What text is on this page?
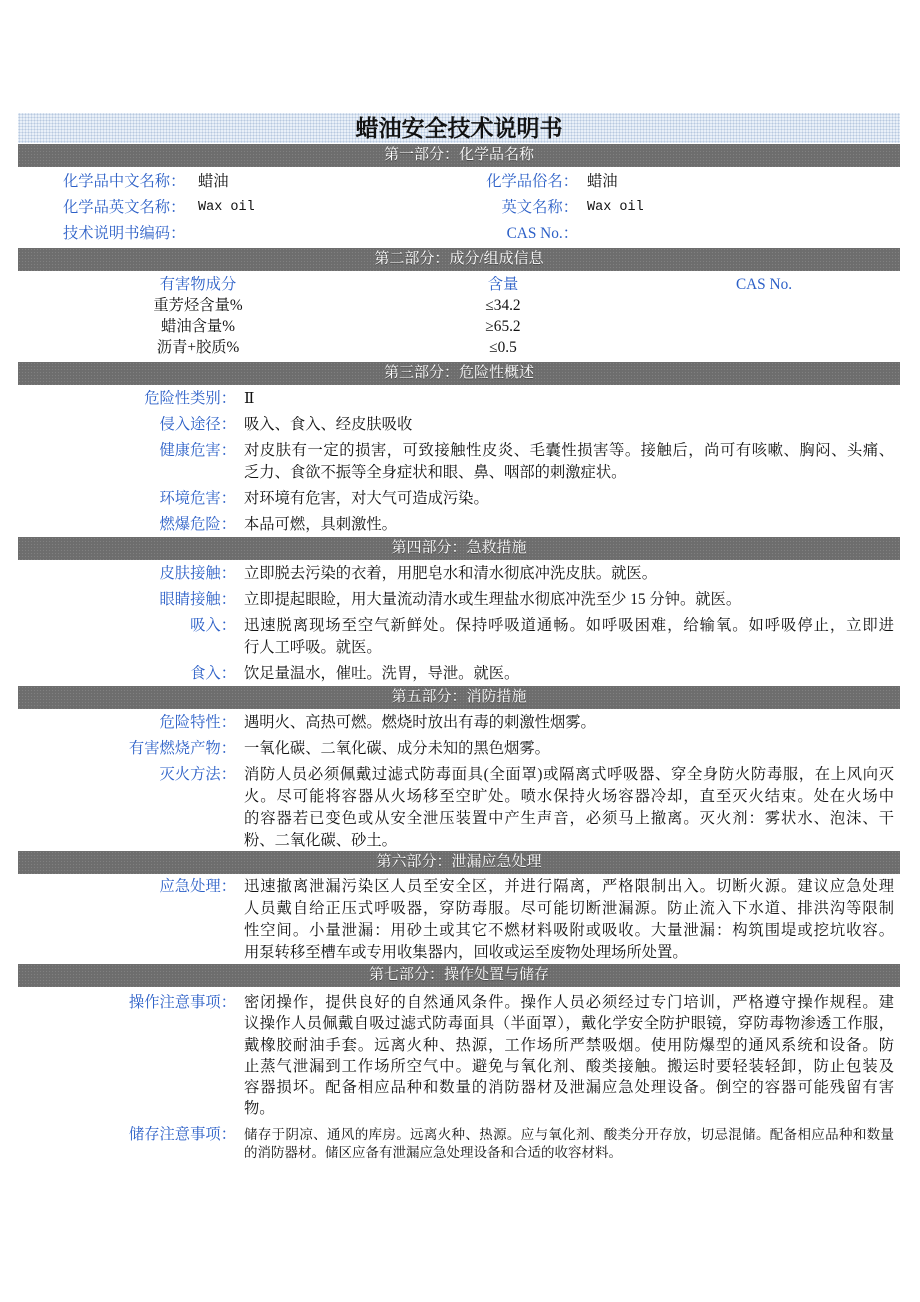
蜡油安全技术说明书
第一部分：化学品名称
化学品中文名称： 蜡油	化学品俗名： 蜡油
化学品英文名称： Wax oil	英文名称： Wax oil
技术说明书编码：	CAS No.：
第二部分：成分/组成信息
有害物成分	含量	CAS No.
重芳烃含量%	≤34.2
蜡油含量%	≥65.2
沥青+胶质%	≤0.5
第三部分：危险性概述
危险性类别： Ⅱ
侵入途径： 吸入、食入、经皮肤吸收
健康危害： 对皮肤有一定的损害，可致接触性皮炎、毛囊性损害等。接触后，尚可有咳嗽、胸闷、头痛、
乏力、食欲不振等全身症状和眼、鼻、咽部的刺激症状。
环境危害： 对环境有危害，对大气可造成污染。
燃爆危险： 本品可燃，具刺激性。
第四部分：急救措施
皮肤接触： 立即脱去污染的衣着，用肥皂水和清水彻底冲洗皮肤。就医。
眼睛接触： 立即提起眼睑，用大量流动清水或生理盐水彻底冲洗至少 15 分钟。就医。
吸入： 迅速脱离现场至空气新鲜处。保持呼吸道通畅。如呼吸困难，给输氧。如呼吸停止，立即进
行人工呼吸。就医。
食入： 饮足量温水，催吐。洗胃，导泄。就医。
第五部分：消防措施
危险特性： 遇明火、高热可燃。燃烧时放出有毒的刺激性烟雾。
有害燃烧产物： 一氧化碳、二氧化碳、成分未知的黑色烟雾。
灭火方法： 消防人员必须佩戴过滤式防毒面具(全面罩)或隔离式呼吸器、穿全身防火防毒服，在上风向灭
火。尽可能将容器从火场移至空旷处。喷水保持火场容器冷却，直至灭火结束。处在火场中
的容器若已变色或从安全泄压装置中产生声音，必须马上撤离。灭火剂：雾状水、泡沫、干
粉、二氧化碳、砂土。
第六部分：泄漏应急处理
应急处理： 迅速撤离泄漏污染区人员至安全区，并进行隔离，严格限制出入。切断火源。建议应急处理
人员戴自给正压式呼吸器，穿防毒服。尽可能切断泄漏源。防止流入下水道、排洪沟等限制
性空间。小量泄漏：用砂土或其它不燃材料吸附或吸收。大量泄漏：构筑围堤或挖坑收容。
用泵转移至槽车或专用收集器内，回收或运至废物处理场所处置。
第七部分：操作处置与储存
操作注意事项： 密闭操作，提供良好的自然通风条件。操作人员必须经过专门培训，严格遵守操作规程。建
议操作人员佩戴自吸过滤式防毒面具（半面罩），戴化学安全防护眼镜，穿防毒物渗透工作服，
戴橡胶耐油手套。远离火种、热源，工作场所严禁吸烟。使用防爆型的通风系统和设备。防
止蒸气泄漏到工作场所空气中。避免与氧化剂、酸类接触。搬运时要轻装轻卸，防止包装及
容器损坏。配备相应品种和数量的消防器材及泄漏应急处理设备。倒空的容器可能残留有害
物。
储存注意事项： 储存于阴凉、通风的库房。远离火种、热源。应与氧化剂、酸类分开存放，切忌混储。配备相应品种和数量
的消防器材。储区应备有泄漏应急处理设备和合适的收容材料。
